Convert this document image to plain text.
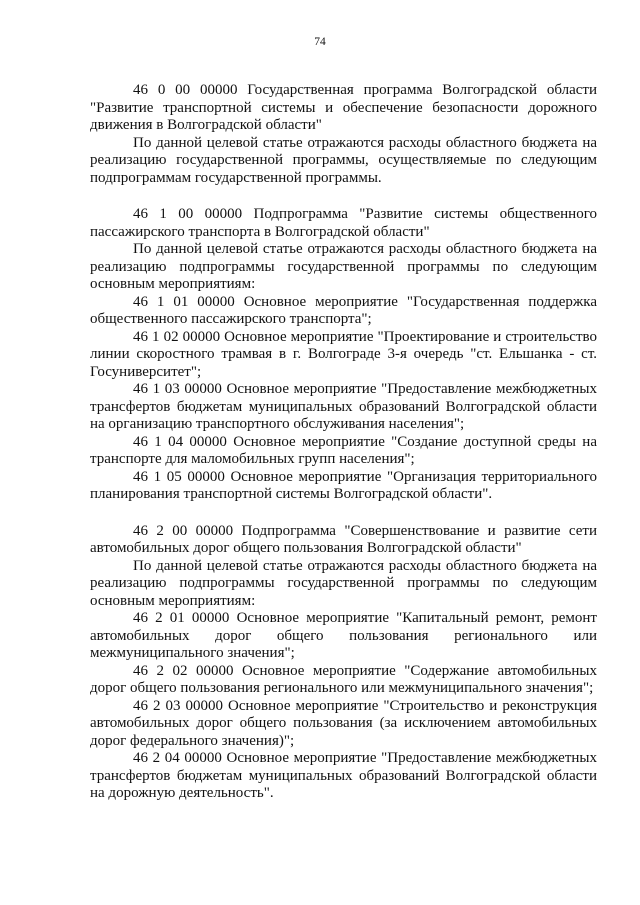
74

46 0 00 00000 Государственная программа Волгоградской области "Развитие транспортной системы и обеспечение безопасности дорожного движения в Волгоградской области"

По данной целевой статье отражаются расходы областного бюджета на реализацию государственной программы, осуществляемые по следующим подпрограммам государственной программы.

46 1 00 00000 Подпрограмма "Развитие системы общественного пассажирского транспорта в Волгоградской области"

По данной целевой статье отражаются расходы областного бюджета на реализацию подпрограммы государственной программы по следующим основным мероприятиям:

46 1 01 00000 Основное мероприятие "Государственная поддержка общественного пассажирского транспорта";

46 1 02 00000 Основное мероприятие "Проектирование и строительство линии скоростного трамвая в г. Волгограде 3-я очередь "ст. Ельшанка - ст. Госуниверситет";

46 1 03 00000 Основное мероприятие "Предоставление межбюджетных трансфертов бюджетам муниципальных образований Волгоградской области на организацию транспортного обслуживания населения";

46 1 04 00000 Основное мероприятие "Создание доступной среды на транспорте для маломобильных групп населения";

46 1 05 00000 Основное мероприятие "Организация территориального планирования транспортной системы Волгоградской области".

46 2 00 00000 Подпрограмма "Совершенствование и развитие сети автомобильных дорог общего пользования Волгоградской области"

По данной целевой статье отражаются расходы областного бюджета на реализацию подпрограммы государственной программы по следующим основным мероприятиям:

46 2 01 00000 Основное мероприятие "Капитальный ремонт, ремонт автомобильных дорог общего пользования регионального или межмуниципального значения";

46 2 02 00000 Основное мероприятие "Содержание автомобильных дорог общего пользования регионального или межмуниципального значения";

46 2 03 00000 Основное мероприятие "Строительство и реконструкция автомобильных дорог общего пользования (за исключением автомобильных дорог федерального значения)";

46 2 04 00000 Основное мероприятие "Предоставление межбюджетных трансфертов бюджетам муниципальных образований Волгоградской области на дорожную деятельность".
